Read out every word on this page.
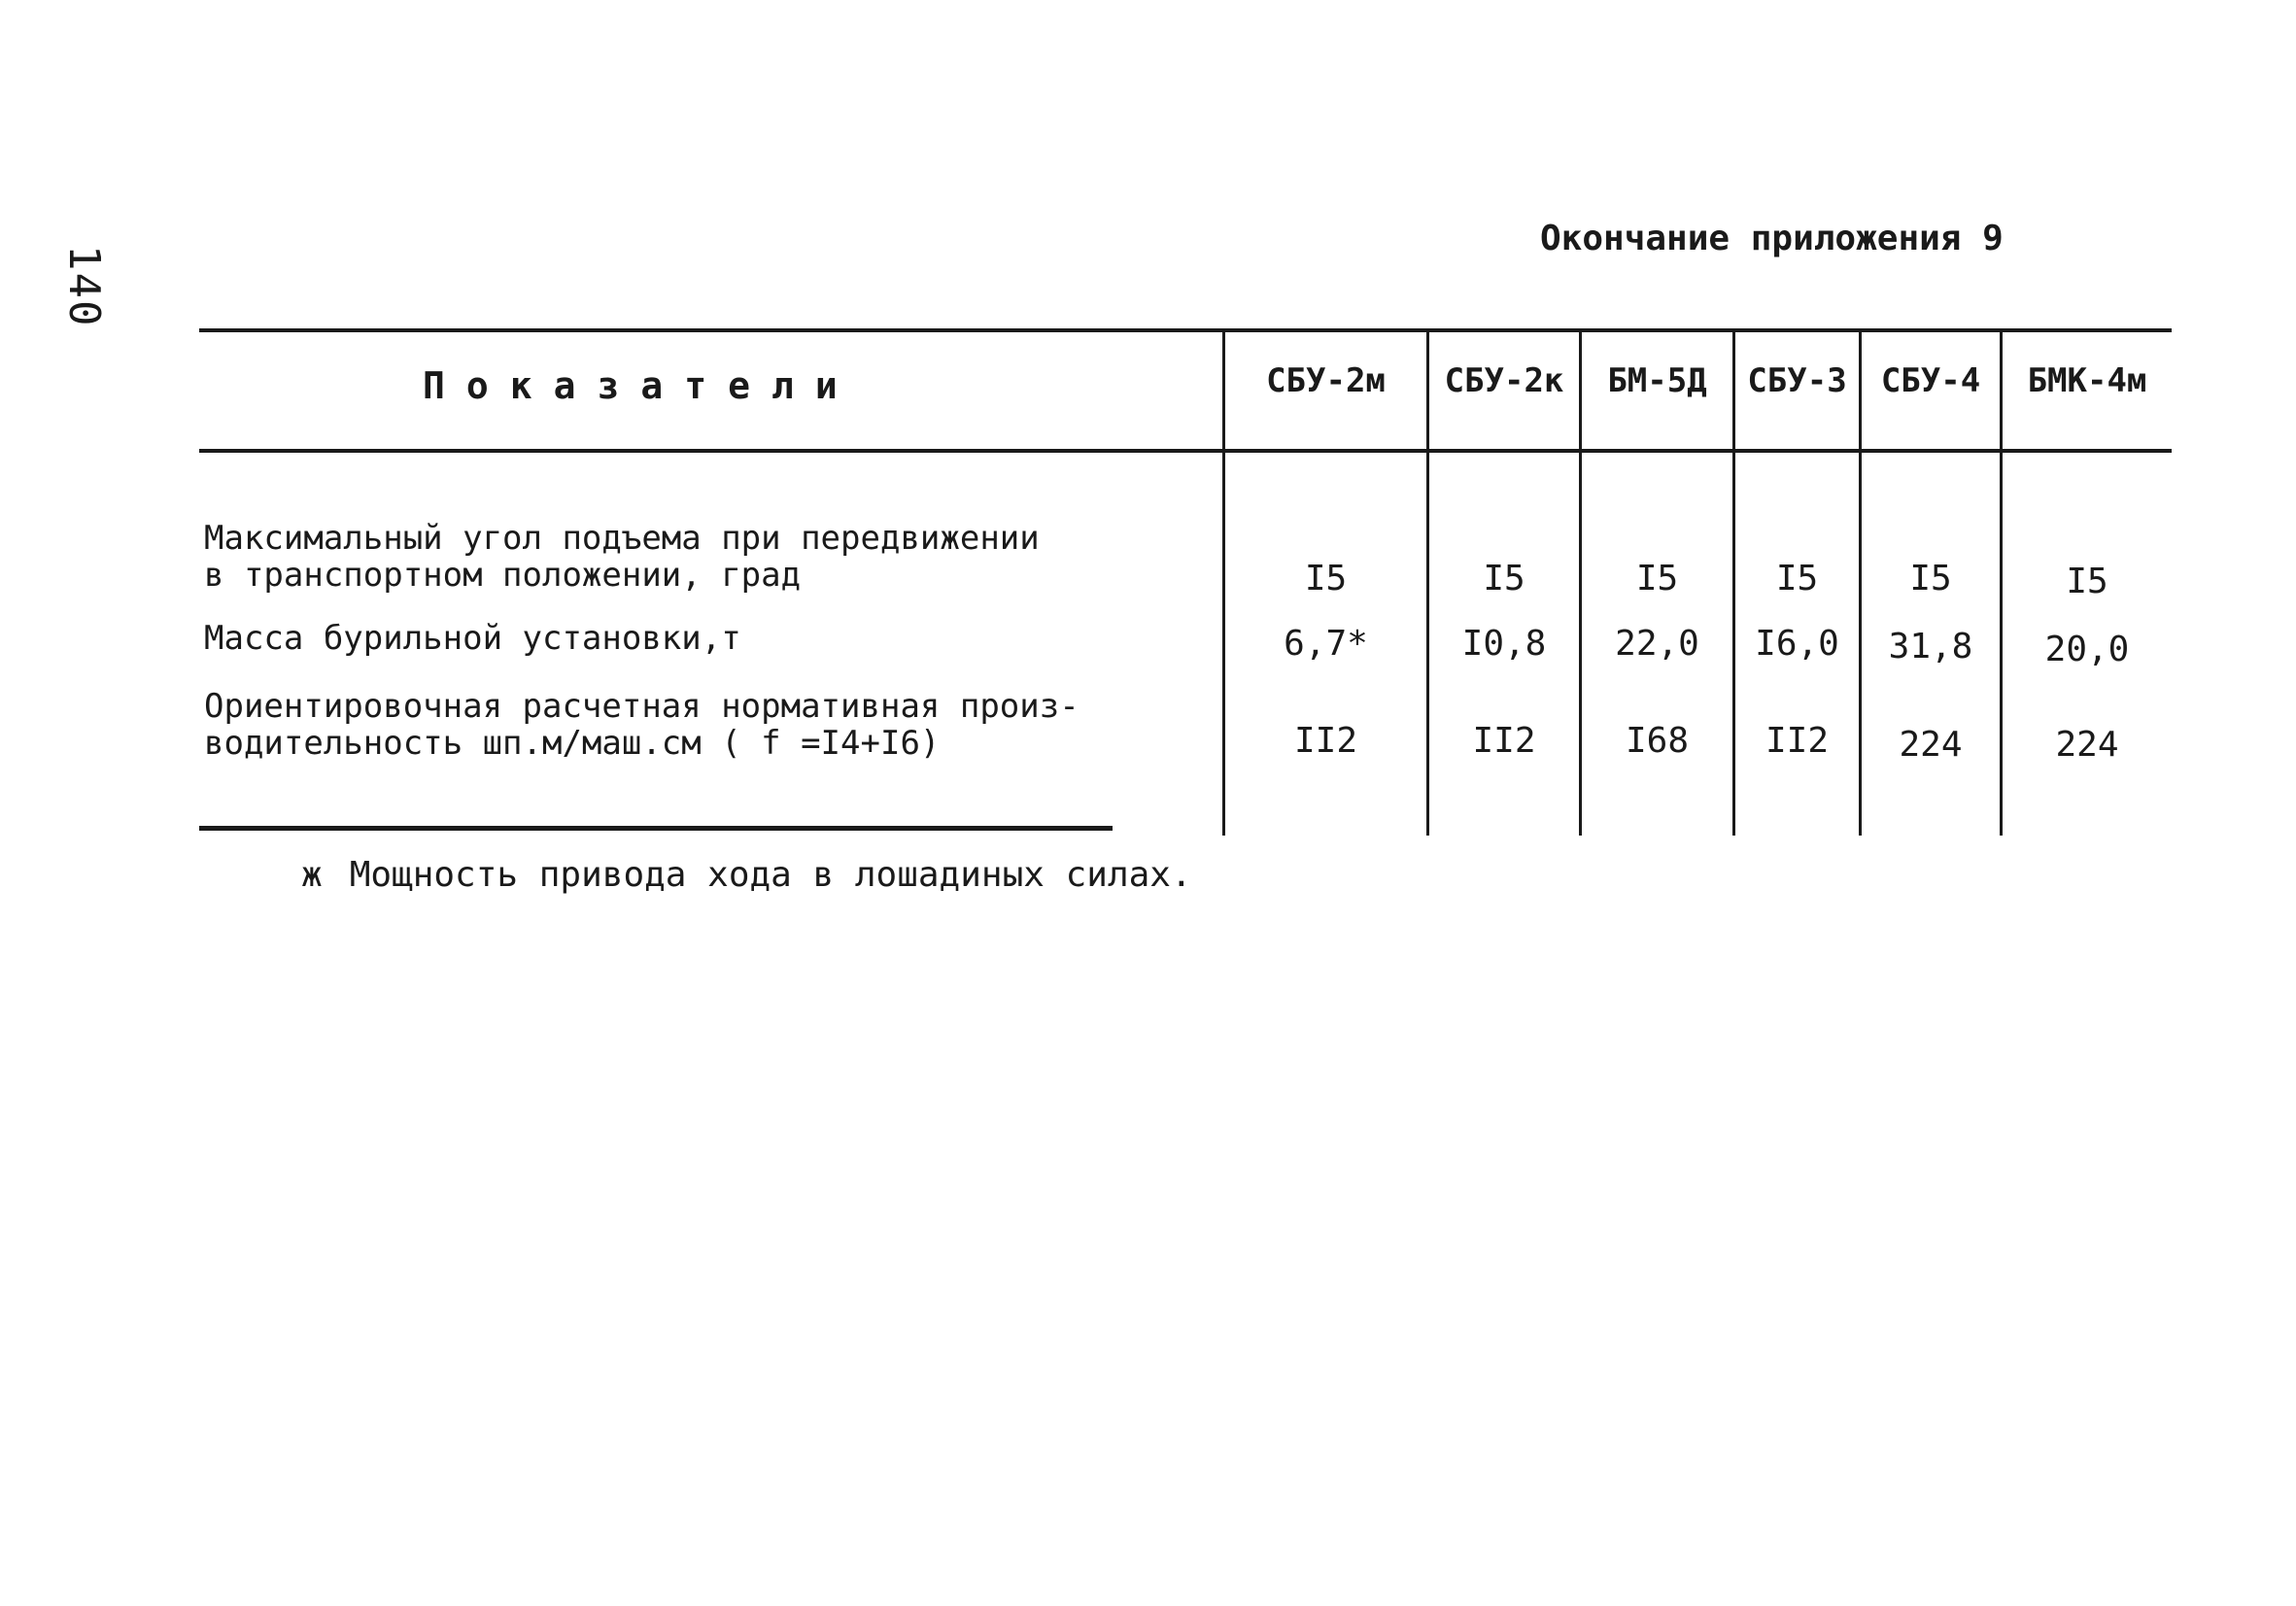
140
Окончание приложения 9
Показатели	СБУ-2м	СБУ-2к	БМ-5Д	СБУ-3	СБУ-4	БМК-4м
Максимальный угол подъема при передвижении
в транспортном положении, град	I5	I5	I5	I5	I5	I5
Масса бурильной установки,т	6,7*	I0,8	22,0	I6,0	31,8	20,0
Ориентировочная расчетная нормативная произ-
водительность шп.м/маш.см ( f =I4+I6)	II2	II2	I68	II2	224	224
ж Мощность привода хода в лошадиных силах.
